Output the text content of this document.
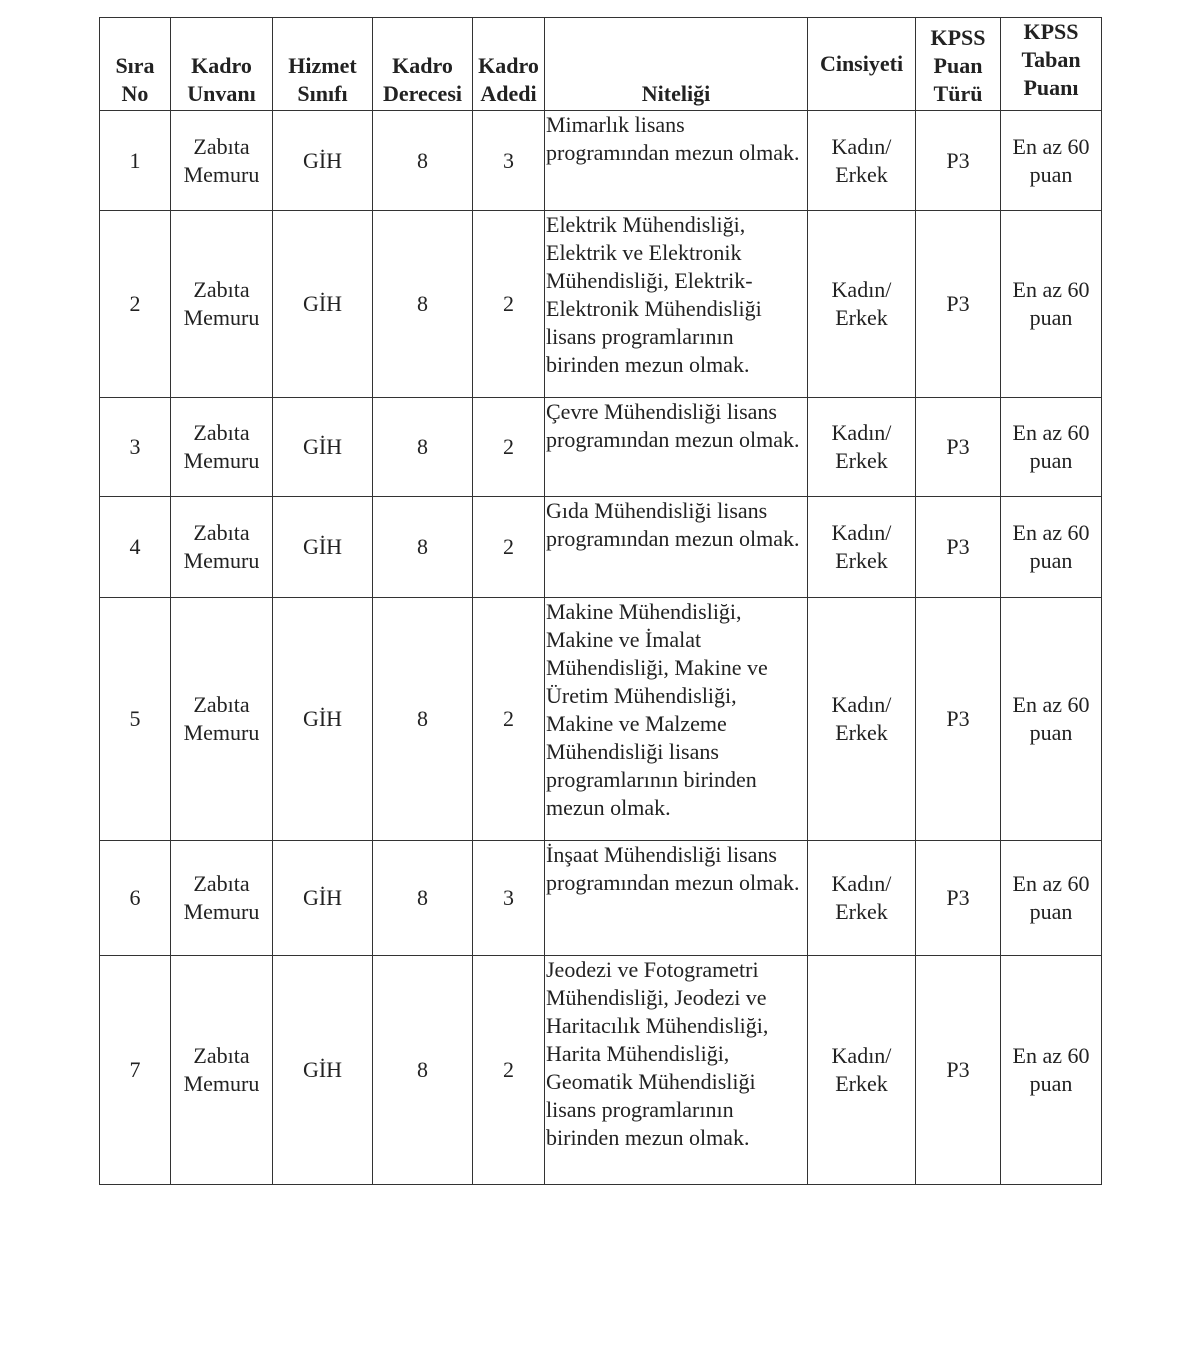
Sıra No	Kadro Unvanı	Hizmet Sınıfı	Kadro Derecesi	Kadro Adedi	Niteliği	Cinsiyeti	KPSS Puan Türü	KPSS Taban Puanı
1	Zabıta Memuru	GİH	8	3	Mimarlık lisans programından mezun olmak.	Kadın/ Erkek	P3	En az 60 puan
2	Zabıta Memuru	GİH	8	2	Elektrik Mühendisliği, Elektrik ve Elektronik Mühendisliği, Elektrik-Elektronik Mühendisliği lisans programlarının birinden mezun olmak.	Kadın/ Erkek	P3	En az 60 puan
3	Zabıta Memuru	GİH	8	2	Çevre Mühendisliği lisans programından mezun olmak.	Kadın/ Erkek	P3	En az 60 puan
4	Zabıta Memuru	GİH	8	2	Gıda Mühendisliği lisans programından mezun olmak.	Kadın/ Erkek	P3	En az 60 puan
5	Zabıta Memuru	GİH	8	2	Makine Mühendisliği, Makine ve İmalat Mühendisliği, Makine ve Üretim Mühendisliği, Makine ve Malzeme Mühendisliği lisans programlarının birinden mezun olmak.	Kadın/ Erkek	P3	En az 60 puan
6	Zabıta Memuru	GİH	8	3	İnşaat Mühendisliği lisans programından mezun olmak.	Kadın/ Erkek	P3	En az 60 puan
7	Zabıta Memuru	GİH	8	2	Jeodezi ve Fotogrametri Mühendisliği, Jeodezi ve Haritacılık Mühendisliği, Harita Mühendisliği, Geomatik Mühendisliği lisans programlarının birinden mezun olmak.	Kadın/ Erkek	P3	En az 60 puan
